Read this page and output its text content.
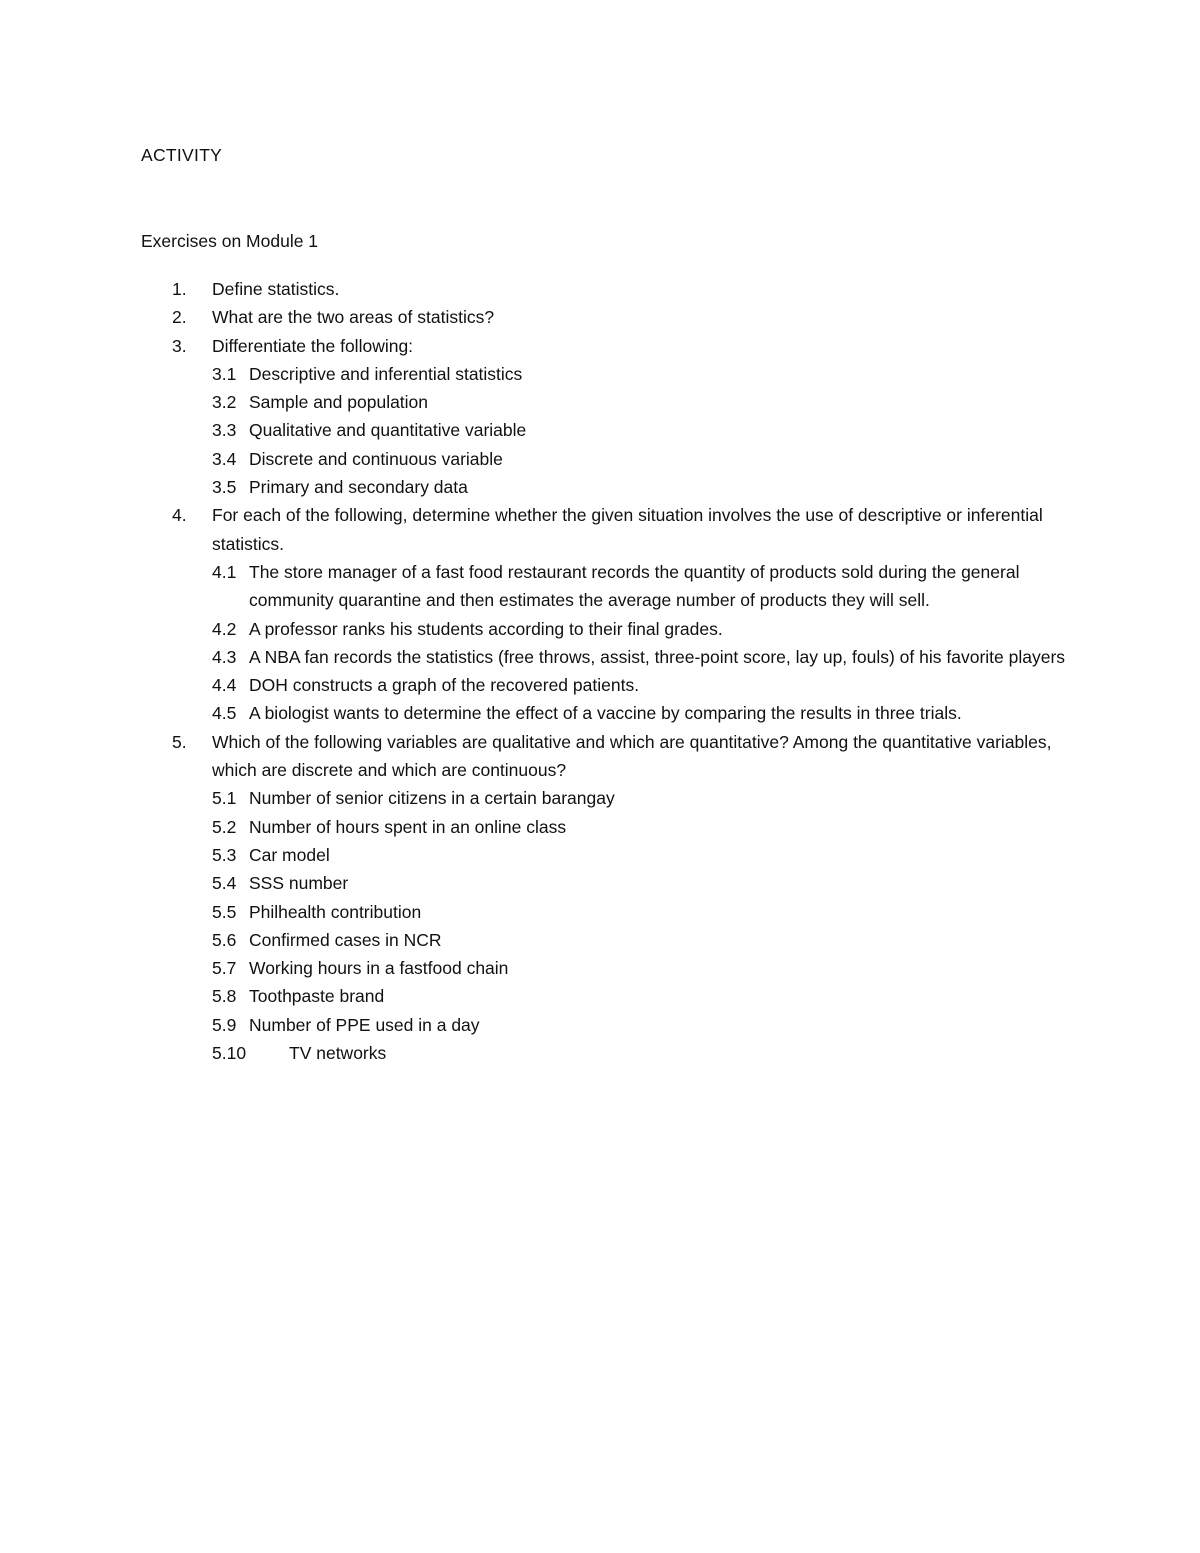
ACTIVITY
Exercises on Module 1
1. Define statistics.
2. What are the two areas of statistics?
3. Differentiate the following:
3.1 Descriptive and inferential statistics
3.2 Sample and population
3.3 Qualitative and quantitative variable
3.4 Discrete and continuous variable
3.5 Primary and secondary data
4. For each of the following, determine whether the given situation involves the use of descriptive or inferential statistics.
4.1 The store manager of a fast food restaurant records the quantity of products sold during the general community quarantine and then estimates the average number of products they will sell.
4.2 A professor ranks his students according to their final grades.
4.3 A NBA fan records the statistics (free throws, assist, three-point score, lay up, fouls) of his favorite players
4.4 DOH constructs a graph of the recovered patients.
4.5 A biologist wants to determine the effect of a vaccine by comparing the results in three trials.
5. Which of the following variables are qualitative and which are quantitative? Among the quantitative variables, which are discrete and which are continuous?
5.1 Number of senior citizens in a certain barangay
5.2 Number of hours spent in an online class
5.3 Car model
5.4 SSS number
5.5 Philhealth contribution
5.6 Confirmed cases in NCR
5.7 Working hours in a fastfood chain
5.8 Toothpaste brand
5.9 Number of PPE used in a day
5.10	TV networks
